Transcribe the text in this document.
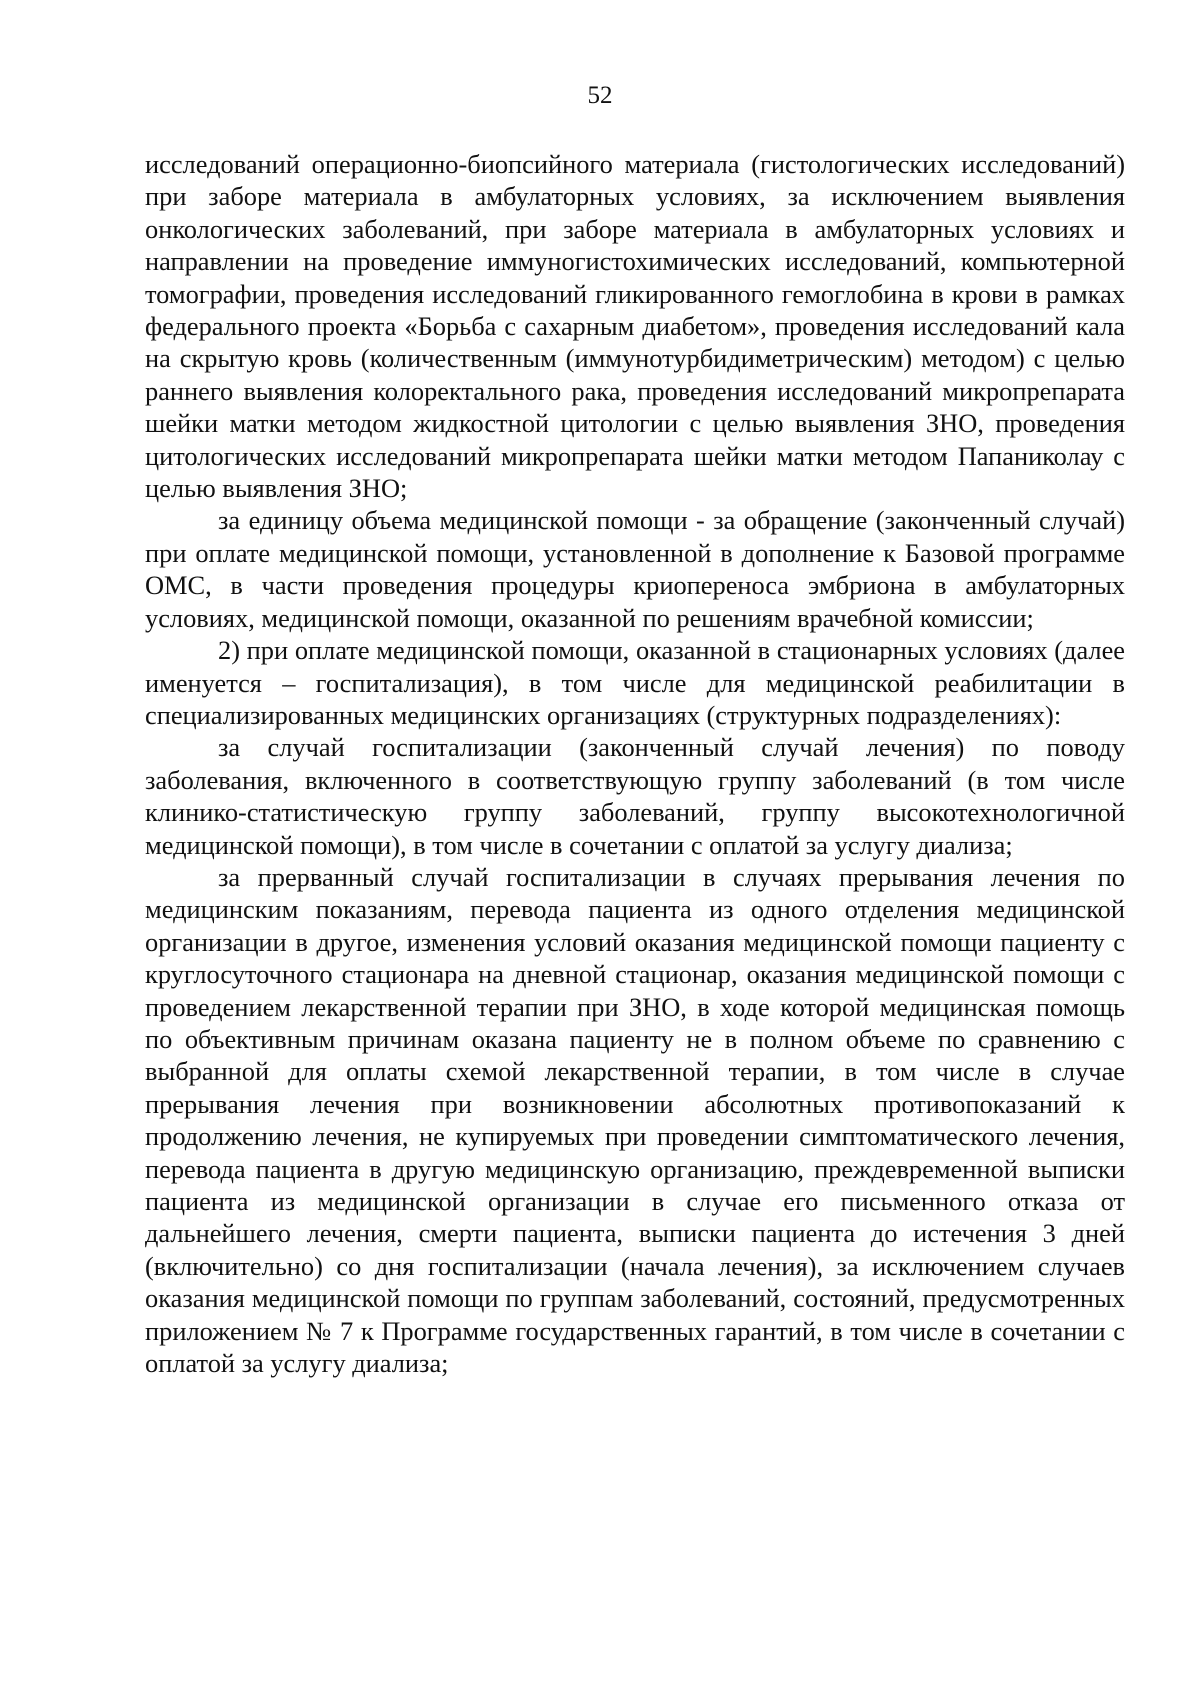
52

исследований операционно-биопсийного материала (гистологических исследований) при заборе материала в амбулаторных условиях, за исключением выявления онкологических заболеваний, при заборе материала в амбулаторных условиях и направлении на проведение иммуногистохимических исследований, компьютерной томографии, проведения исследований гликированного гемоглобина в крови в рамках федерального проекта «Борьба с сахарным диабетом», проведения исследований кала на скрытую кровь (количественным (иммунотурбидиметрическим) методом) с целью раннего выявления колоректального рака, проведения исследований микропрепарата шейки матки методом жидкостной цитологии с целью выявления ЗНО, проведения цитологических исследований микропрепарата шейки матки методом Папаниколау с целью выявления ЗНО;

за единицу объема медицинской помощи - за обращение (законченный случай) при оплате медицинской помощи, установленной в дополнение к Базовой программе ОМС, в части проведения процедуры криопереноса эмбриона в амбулаторных условиях, медицинской помощи, оказанной по решениям врачебной комиссии;

2) при оплате медицинской помощи, оказанной в стационарных условиях (далее именуется – госпитализация), в том числе для медицинской реабилитации в специализированных медицинских организациях (структурных подразделениях):

за случай госпитализации (законченный случай лечения) по поводу заболевания, включенного в соответствующую группу заболеваний (в том числе клинико-статистическую группу заболеваний, группу высокотехнологичной медицинской помощи), в том числе в сочетании с оплатой за услугу диализа;

за прерванный случай госпитализации в случаях прерывания лечения по медицинским показаниям, перевода пациента из одного отделения медицинской организации в другое, изменения условий оказания медицинской помощи пациенту с круглосуточного стационара на дневной стационар, оказания медицинской помощи с проведением лекарственной терапии при ЗНО, в ходе которой медицинская помощь по объективным причинам оказана пациенту не в полном объеме по сравнению с выбранной для оплаты схемой лекарственной терапии, в том числе в случае прерывания лечения при возникновении абсолютных противопоказаний к продолжению лечения, не купируемых при проведении симптоматического лечения, перевода пациента в другую медицинскую организацию, преждевременной выписки пациента из медицинской организации в случае его письменного отказа от дальнейшего лечения, смерти пациента, выписки пациента до истечения 3 дней (включительно) со дня госпитализации (начала лечения), за исключением случаев оказания медицинской помощи по группам заболеваний, состояний, предусмотренных приложением № 7 к Программе государственных гарантий, в том числе в сочетании с оплатой за услугу диализа;
